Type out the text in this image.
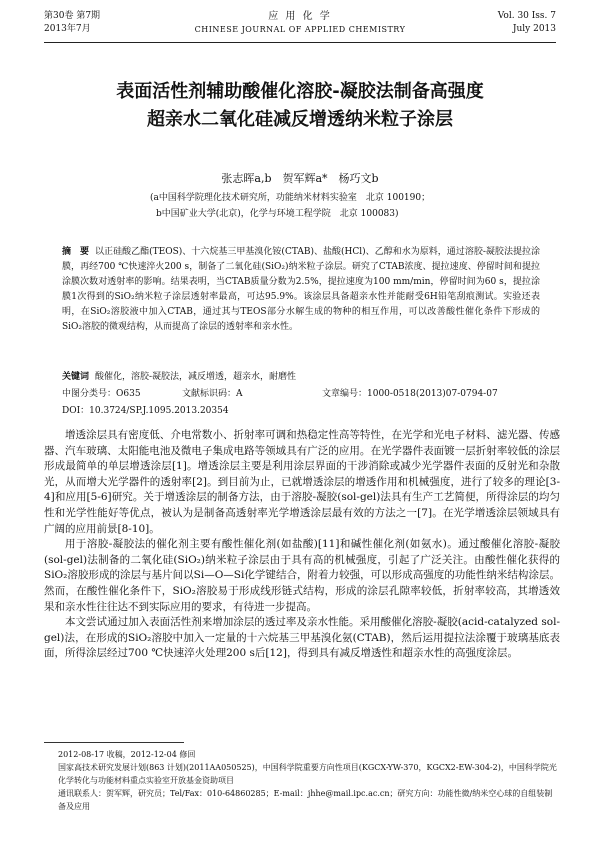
第30卷 第7期
2013年7月
应 用 化 学
CHINESE JOURNAL OF APPLIED CHEMISTRY
Vol. 30 Iss. 7
July 2013
表面活性剂辅助酸催化溶胶-凝胶法制备高强度
超亲水二氧化硅减反增透纳米粒子涂层
张志晖a,b　贺军辉a*　杨巧文b
(a中国科学院理化技术研究所，功能纳米材料实验室　北京 100190；
b中国矿业大学(北京)，化学与环境工程学院　北京 100083)
摘　要 以正硅酸乙酯(TEOS)、十六烷基三甲基溴化铵(CTAB)、盐酸(HCl)、乙醇和水为原料，通过溶胶-凝胶法提拉涂膜，再经700 ℃快速淬火200 s，制备了二氧化硅(SiO₂)纳米粒子涂层。研究了CTAB浓度、提拉速度、停留时间和提拉涂膜次数对透射率的影响。结果表明，当CTAB质量分数为2.5%，提拉速度为100 mm/min，停留时间为60 s，提拉涂膜1次得到的SiO₂纳米粒子涂层透射率最高，可达95.9%。该涂层具备超亲水性并能耐受6H铅笔刮痕测试。实验还表明，在SiO₂溶胶液中加入CTAB，通过其与TEOS部分水解生成的物种的相互作用，可以改善酸性催化条件下形成的SiO₂溶胶的微观结构，从而提高了涂层的透射率和亲水性。
关键词 酸催化，溶胶-凝胶法，减反增透，超亲水，耐磨性
中图分类号：O635	文献标识码：A	文章编号：1000-0518(2013)07-0794-07
DOI：10.3724/SP.J.1095.2013.20354

增透涂层具有密度低、介电常数小、折射率可调和热稳定性高等特性，在光学和光电子材料、滤光器、传感器、汽车玻璃、太阳能电池及微电子集成电路等领域具有广泛的应用。在光学器件表面镀一层折射率较低的涂层形成最简单的单层增透涂层[1]。增透涂层主要是利用涂层界面的干涉消除或减少光学器件表面的反射光和杂散光，从而增大光学器件的透射率[2]。到目前为止，已就增透涂层的增透作用和机械强度，进行了较多的理论[3-4]和应用[5-6]研究。关于增透涂层的制备方法，由于溶胶-凝胶(sol-gel)法具有生产工艺简便，所得涂层的均匀性和光学性能好等优点，被认为是制备高透射率光学增透涂层最有效的方法之一[7]。在光学增透涂层领域具有广阔的应用前景[8-10]。

用于溶胶-凝胶法的催化剂主要有酸性催化剂(如盐酸)[11]和碱性催化剂(如氨水)。通过酸催化溶胶-凝胶(sol-gel)法制备的二氧化硅(SiO₂)纳米粒子涂层由于具有高的机械强度，引起了广泛关注。由酸性催化获得的SiO₂溶胶形成的涂层与基片间以Si—O—Si化学键结合，附着力较强，可以形成高强度的功能性纳米结构涂层。然而，在酸性催化条件下，SiO₂溶胶易于形成线形链式结构，形成的涂层孔隙率较低，折射率较高，其增透效果和亲水性往往达不到实际应用的要求，有待进一步提高。

本文尝试通过加入表面活性剂来增加涂层的透过率及亲水性能。采用酸催化溶胶-凝胶(acid-catalyzed sol-gel)法，在形成的SiO₂溶胶中加入一定量的十六烷基三甲基溴化氨(CTAB)，然后运用提拉法涂覆于玻璃基底表面，所得涂层经过700 ℃快速淬火处理200 s后[12]，得到具有减反增透性和超亲水性的高强度涂层。

2012-08-17 收稿，2012-12-04 修回
国家高技术研究发展计划(863 计划)(2011AA050525)，中国科学院重要方向性项目(KGCX-YW-370，KGCX2-EW-304-2)，中国科学院光化学转化与功能材料重点实验室开放基金资助项目
通讯联系人：贺军辉，研究员；Tel/Fax：010-64860285；E-mail：jhhe@mail.ipc.ac.cn；研究方向：功能性微/纳米空心球的自组装制备及应用
